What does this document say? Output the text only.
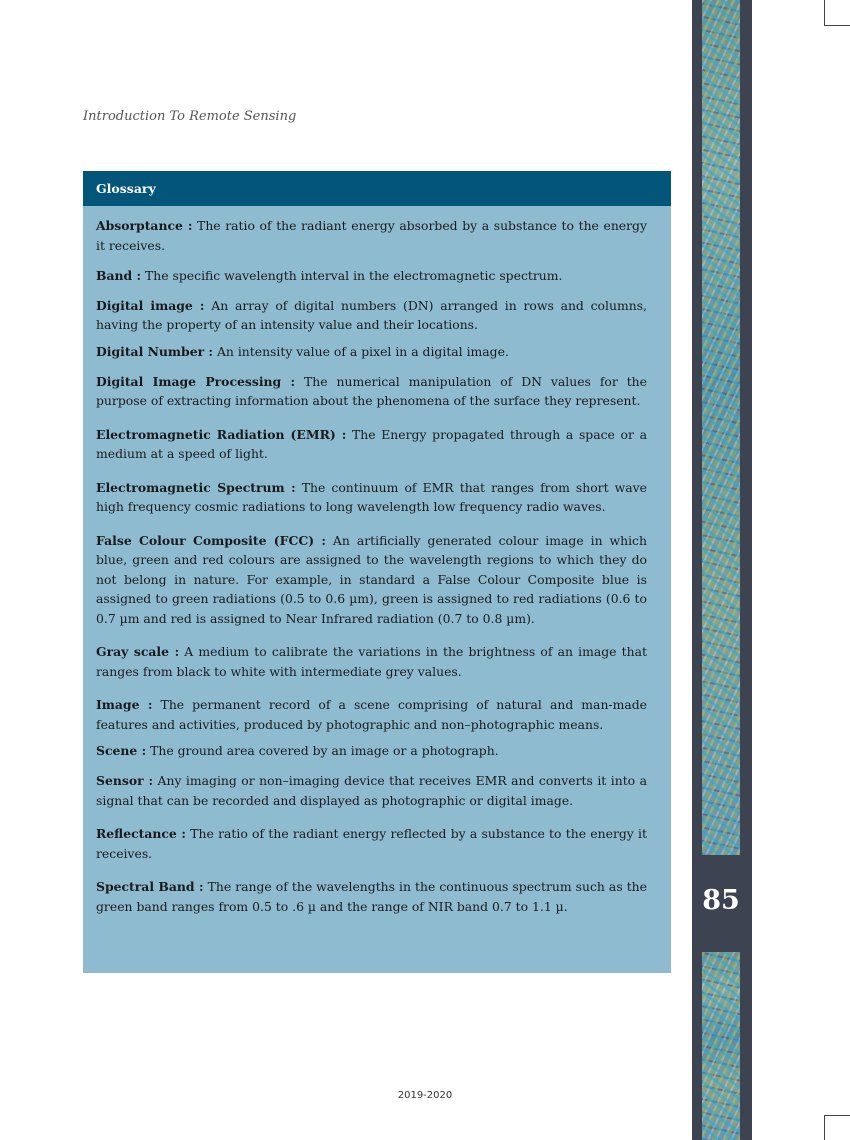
Introduction To Remote Sensing
Glossary

Absorptance : The ratio of the radiant energy absorbed by a substance to the energy it receives.

Band : The specific wavelength interval in the electromagnetic spectrum.

Digital image : An array of digital numbers (DN) arranged in rows and columns, having the property of an intensity value and their locations.

Digital Number : An intensity value of a pixel in a digital image.

Digital Image Processing : The numerical manipulation of DN values for the purpose of extracting information about the phenomena of the surface they represent.

Electromagnetic Radiation (EMR) : The Energy propagated through a space or a medium at a speed of light.

Electromagnetic Spectrum : The continuum of EMR that ranges from short wave high frequency cosmic radiations to long wavelength low frequency radio waves.

False Colour Composite (FCC) : An artificially generated colour image in which blue, green and red colours are assigned to the wavelength regions to which they do not belong in nature. For example, in standard a False Colour Composite blue is assigned to green radiations (0.5 to 0.6 µm), green is assigned to red radiations (0.6 to 0.7 µm and red is assigned to Near Infrared radiation (0.7 to 0.8 µm).

Gray scale : A medium to calibrate the variations in the brightness of an image that ranges from black to white with intermediate grey values.

Image : The permanent record of a scene comprising of natural and man-made features and activities, produced by photographic and non–photographic means.

Scene : The ground area covered by an image or a photograph.

Sensor : Any imaging or non–imaging device that receives EMR and converts it into a signal that can be recorded and displayed as photographic or digital image.

Reflectance : The ratio of the radiant energy reflected by a substance to the energy it receives.

Spectral Band : The range of the wavelengths in the continuous spectrum such as the green band ranges from 0.5 to .6 µ and the range of NIR band 0.7 to 1.1 µ.	85
2019-2020
